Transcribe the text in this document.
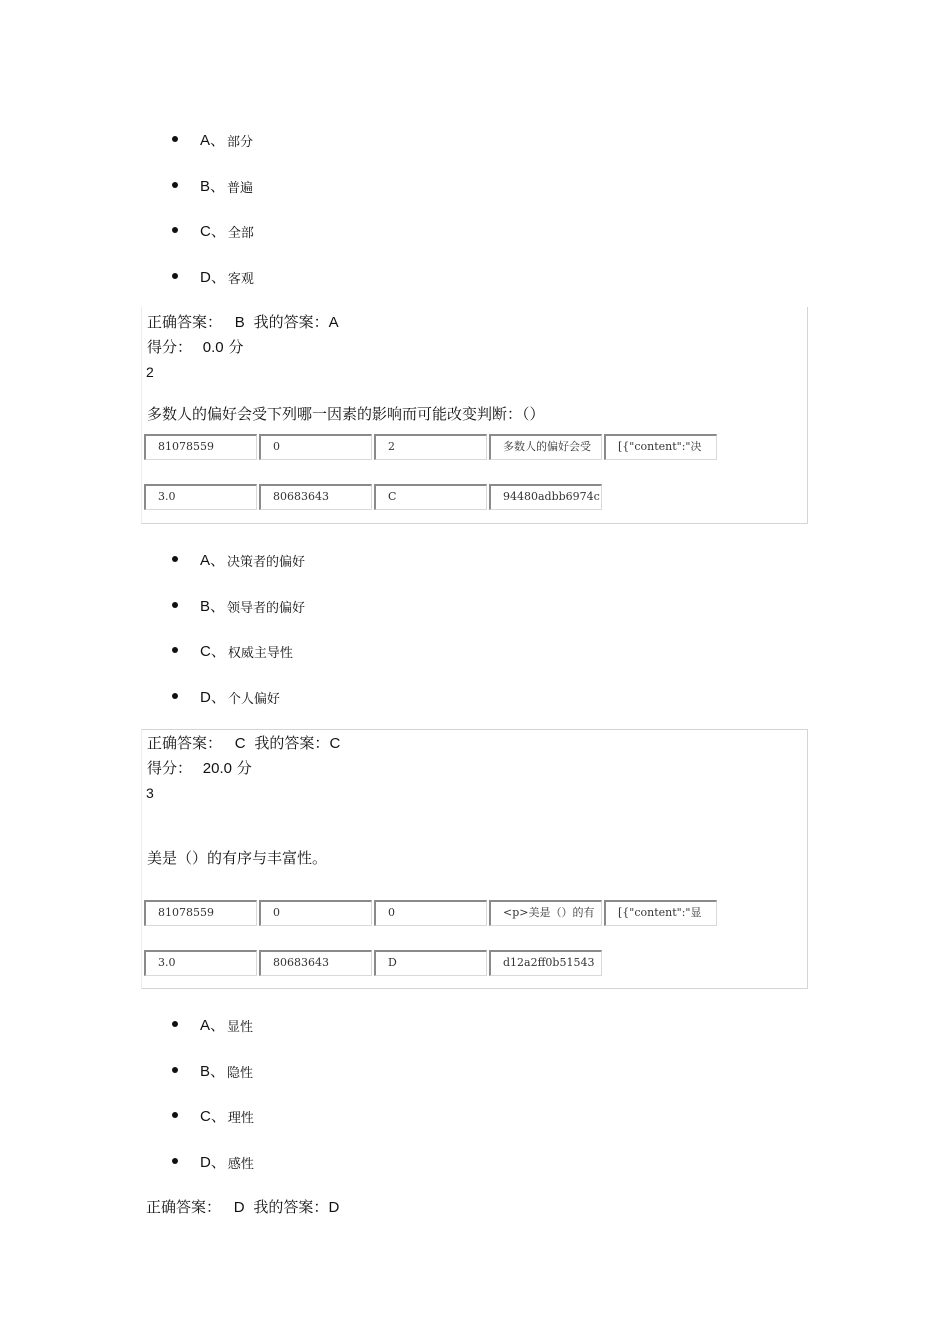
A、 部分
B、 普遍
C、 全部
D、 客观
正确答案： B 我的答案：A
得分： 0.0 分
2
多数人的偏好会受下列哪一因素的影响而可能改变判断：（）
81078559	0	2	多数人的偏好会受	[{"content":"决
3.0	80683643	C	94480adbb6974c
A、 决策者的偏好
B、 领导者的偏好
C、 权威主导性
D、 个人偏好
正确答案： C 我的答案：C
得分： 20.0 分
3
美是（）的有序与丰富性。
81078559	0	0	<p>美是（）的有	[{"content":"显
3.0	80683643	D	d12a2ff0b51543
A、 显性
B、 隐性
C、 理性
D、 感性
正确答案： D 我的答案：D
